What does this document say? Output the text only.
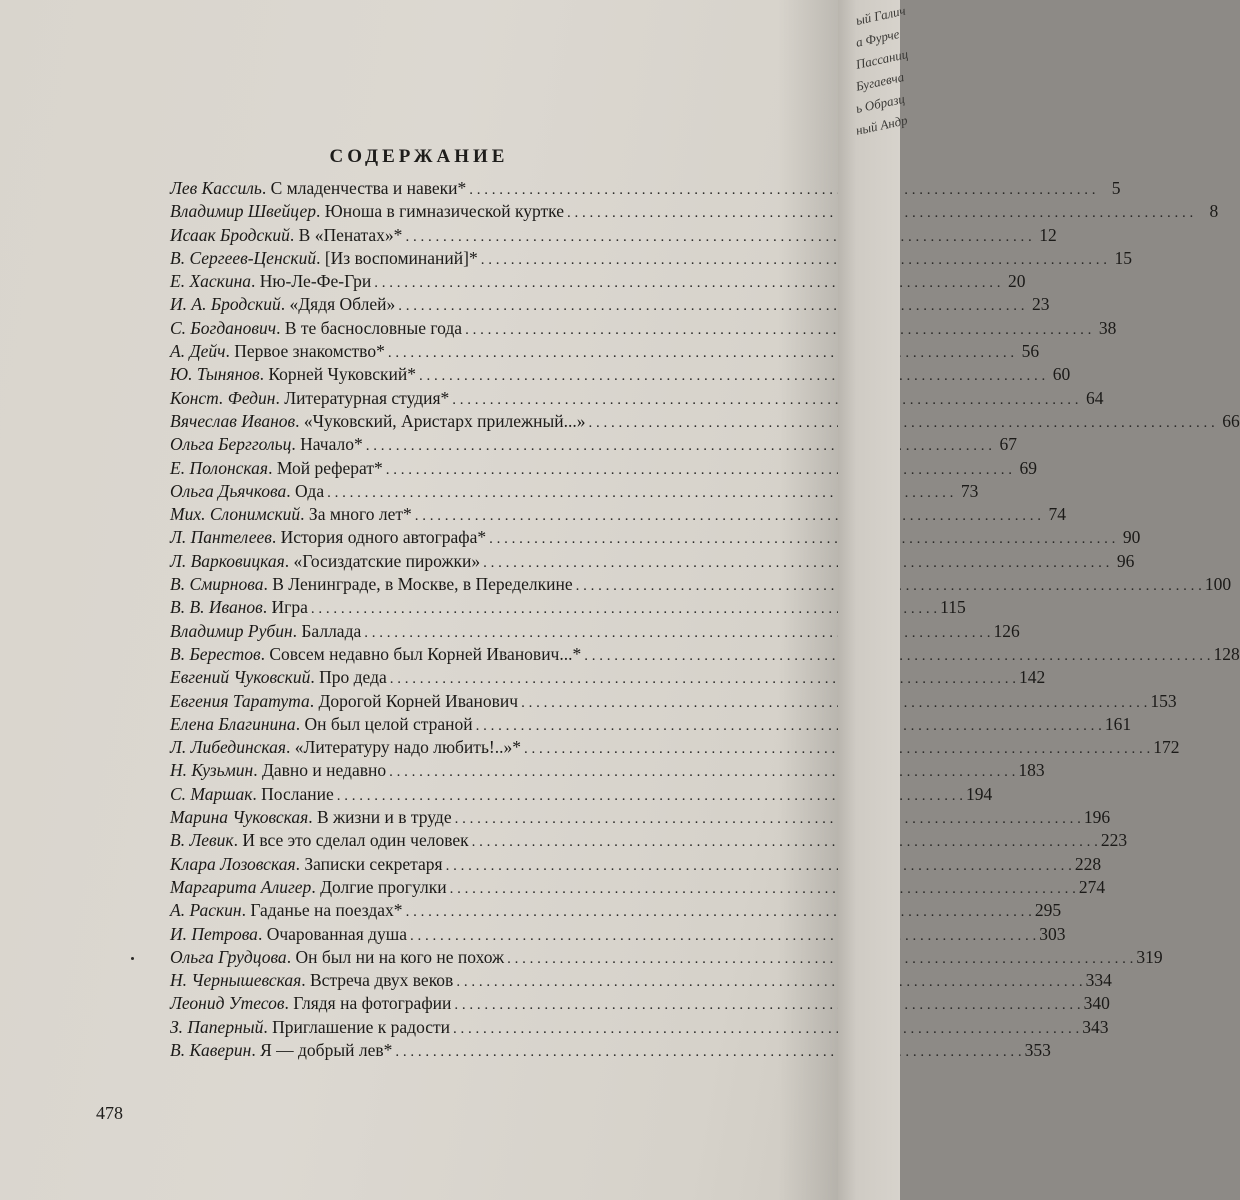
СОДЕРЖАНИЕ
Лев Кассиль . С младенчества и навеки* . . .	5
Владимир Швейцер . Юноша в гимназической куртке . . .	8
Исаак Бродский . В «Пенатах»* . . .	12
В. Сергеев-Ценский . [Из воспоминаний]* . . .	15
Е. Хаскина . Ню-Ле-Фе-Гри . . .	20
И. А. Бродский . «Дядя Облей» . . .	23
С. Богданович . В те баснословные года . . .	38
А. Дейч . Первое знакомство* . . .	56
Ю. Тынянов . Корней Чуковский* . . .	60
Конст. Федин . Литературная студия* . . .	64
Вячеслав Иванов . «Чуковский, Аристарх прилежный...» . . .	66
Ольга Берггольц . Начало* . . .	67
Е. Полонская . Мой реферат* . . .	69
Ольга Дьячкова . Ода . . .	73
Мих. Слонимский . За много лет* . . .	74
Л. Пантелеев . История одного автографа* . . .	90
Л. Варковицкая . «Госиздатские пирожки» . . .	96
В. Смирнова . В Ленинграде, в Москве, в Переделкине . . .	100
В. В. Иванов . Игра . . .	115
Владимир Рубин . Баллада . . .	126
В. Берестов . Совсем недавно был Корней Иванович...* . . .	128
Евгений Чуковский . Про деда . . .	142
Евгения Таратута . Дорогой Корней Иванович . . .	153
Елена Благинина . Он был целой страной . . .	161
Л. Либединская . «Литературу надо любить!..»* . . .	172
Н. Кузьмин . Давно и недавно . . .	183
С. Маршак . Послание . . .	194
Марина Чуковская . В жизни и в труде . . .	196
В. Левик . И все это сделал один человек . . .	223
Клара Лозовская . Записки секретаря . . .	228
Маргарита Алигер . Долгие прогулки . . .	274
А. Раскин . Гаданье на поездах* . . .	295
И. Петрова . Очарованная душа . . .	303
Ольга Грудцова . Он был ни на кого не похож . . .	319
Н. Чернышевская . Встреча двух веков . . .	334
Леонид Утесов . Глядя на фотографии . . .	340
З. Паперный . Приглашение к радости . . .	343
В. Каверин . Я — добрый лев* . . .	353
478
ый Галич
а Фурче
Пассаниц
Бугаевча
ь Образц
ный Андр
